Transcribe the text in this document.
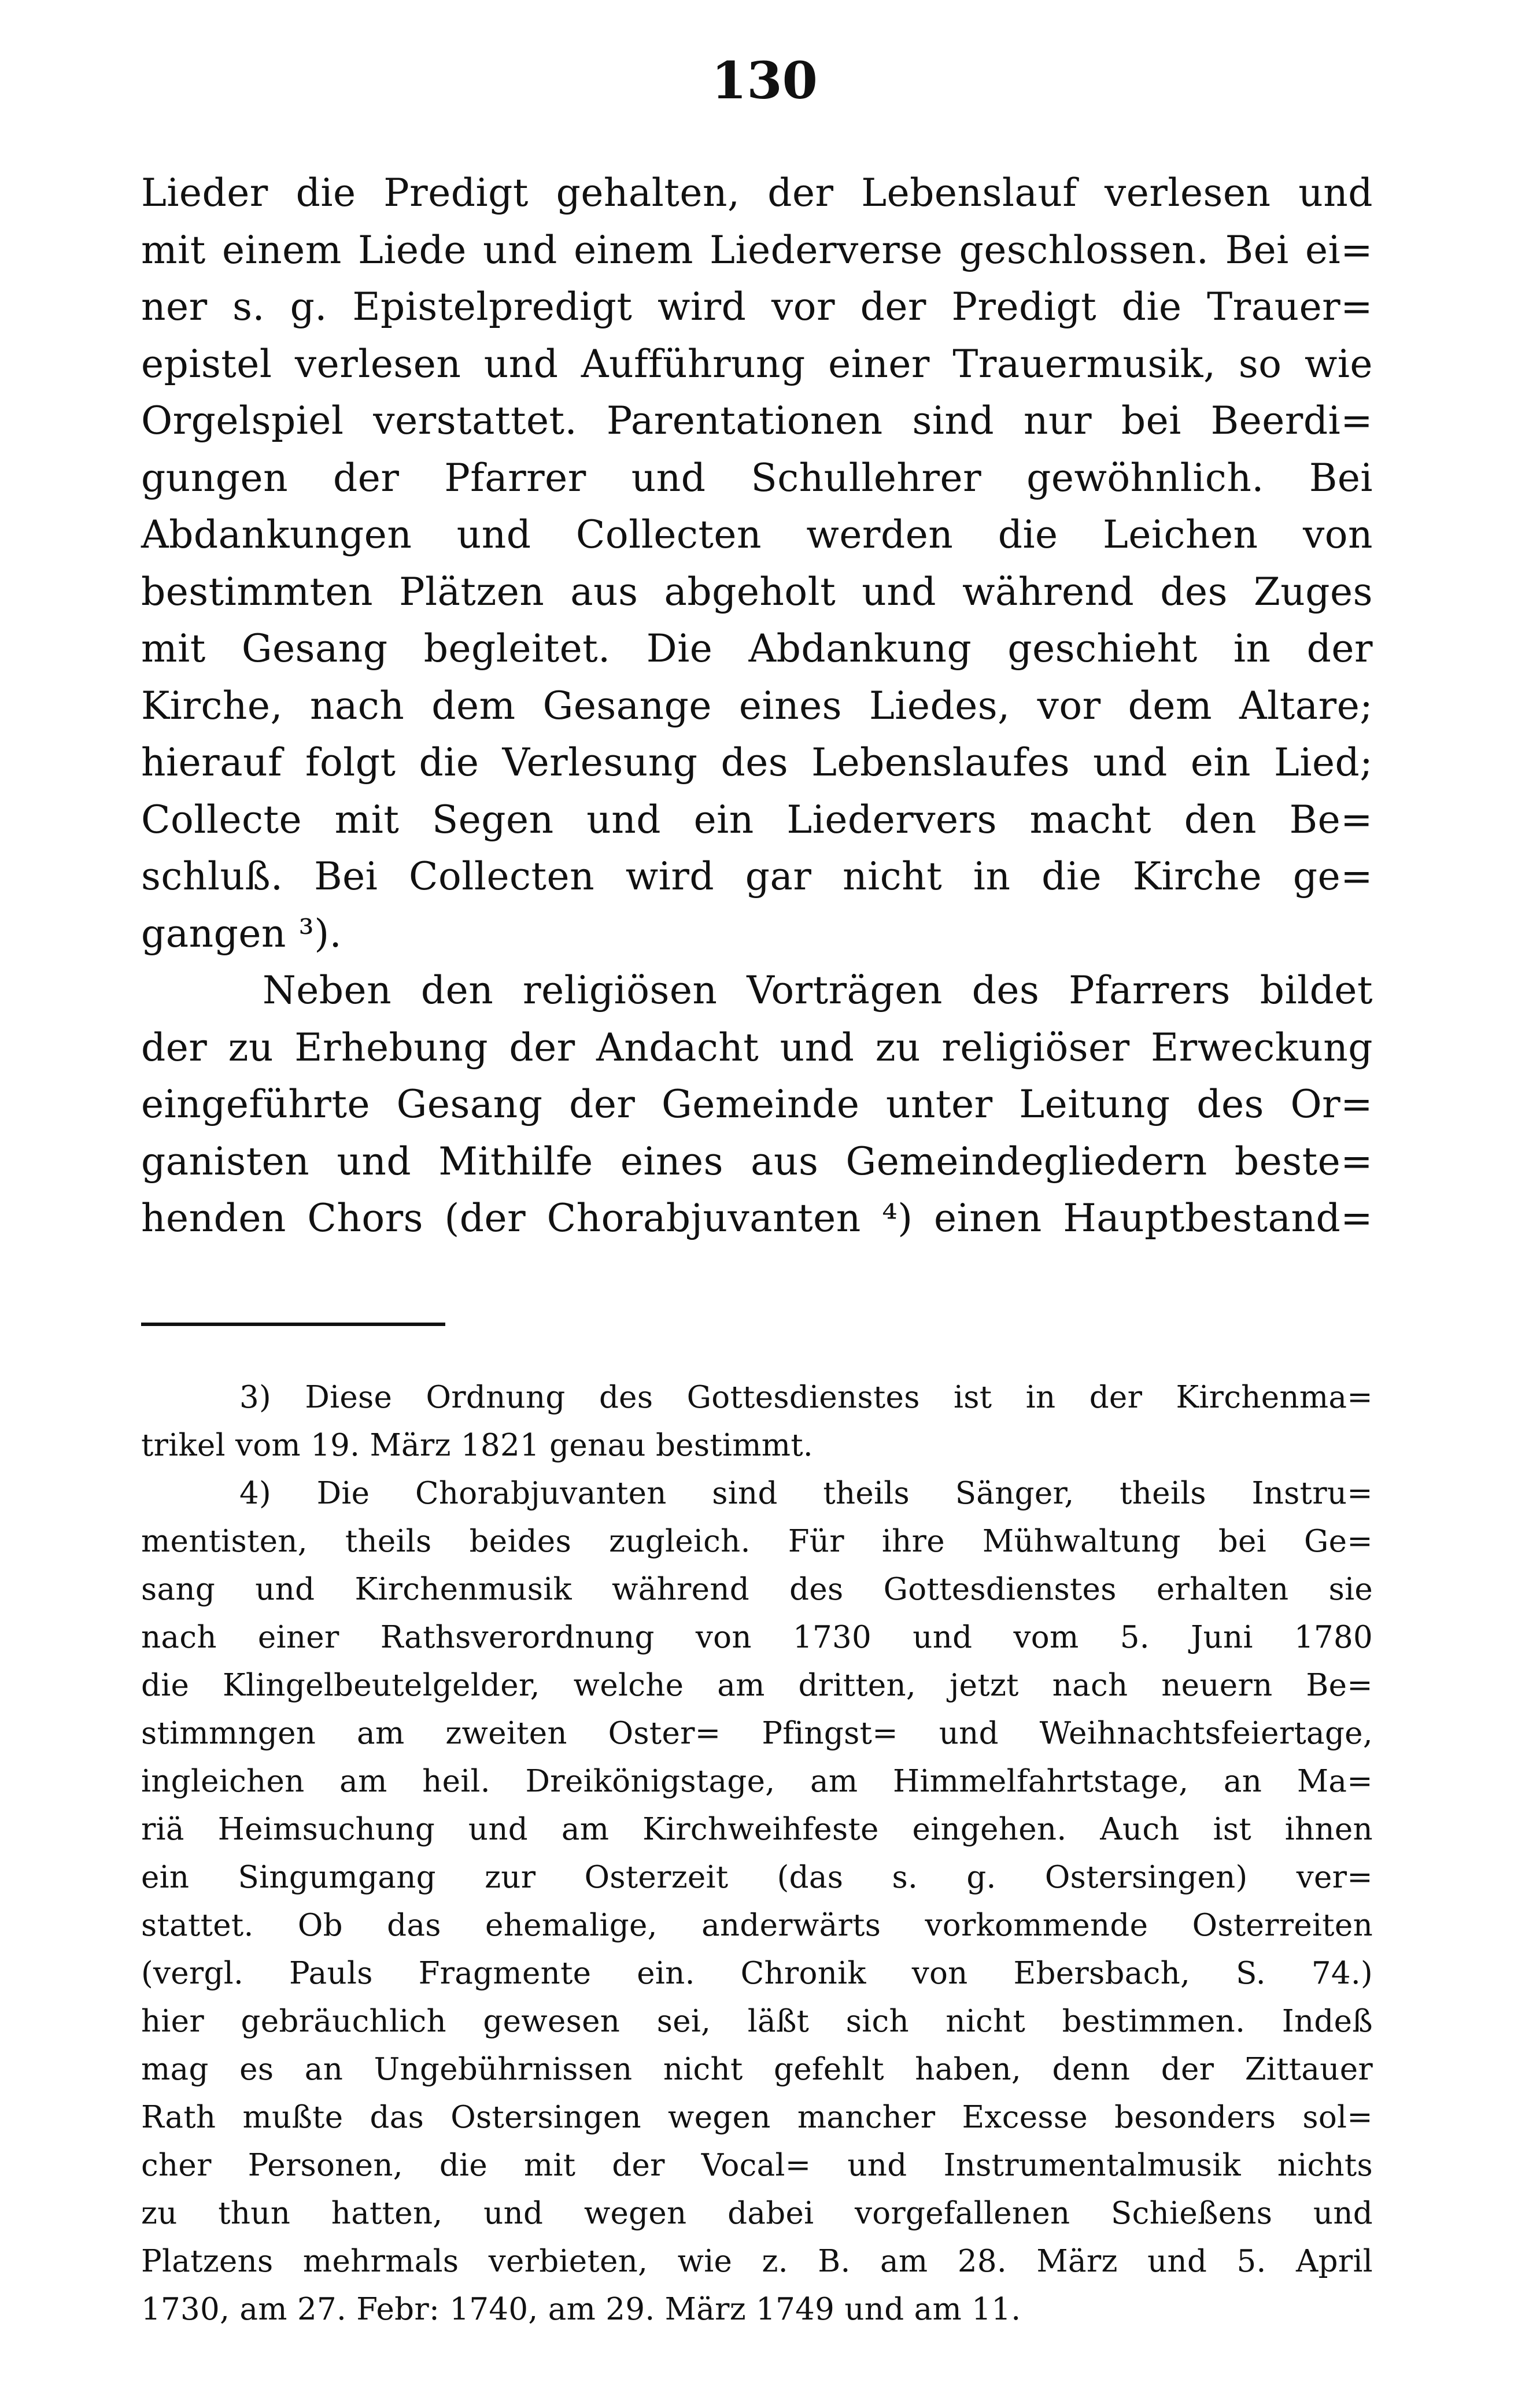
130
Lieder die Predigt gehalten, der Lebenslauf verlesen und
mit einem Liede und einem Liederverse geschlossen. Bei ei=
ner s. g. Epistelpredigt wird vor der Predigt die Trauer=
epistel verlesen und Aufführung einer Trauermusik, so wie
Orgelspiel verstattet. Parentationen sind nur bei Beerdi=
gungen der Pfarrer und Schullehrer gewöhnlich. Bei
Abdankungen und Collecten werden die Leichen von
bestimmten Plätzen aus abgeholt und während des Zuges
mit Gesang begleitet. Die Abdankung geschieht in der
Kirche, nach dem Gesange eines Liedes, vor dem Altare;
hierauf folgt die Verlesung des Lebenslaufes und ein Lied;
Collecte mit Segen und ein Liedervers macht den Be=
schluß. Bei Collecten wird gar nicht in die Kirche ge=
gangen ³).
Neben den religiösen Vorträgen des Pfarrers bildet
der zu Erhebung der Andacht und zu religiöser Erweckung
eingeführte Gesang der Gemeinde unter Leitung des Or=
ganisten und Mithilfe eines aus Gemeindegliedern beste=
henden Chors (der Chorabjuvanten ⁴) einen Hauptbestand=
3) Diese Ordnung des Gottesdienstes ist in der Kirchenma=
trikel vom 19. März 1821 genau bestimmt.
4) Die Chorabjuvanten sind theils Sänger, theils Instru=
mentisten, theils beides zugleich. Für ihre Mühwaltung bei Ge=
sang und Kirchenmusik während des Gottesdienstes erhalten sie
nach einer Rathsverordnung von 1730 und vom 5. Juni 1780
die Klingelbeutelgelder, welche am dritten, jetzt nach neuern Be=
stimmngen am zweiten Oster= Pfingst= und Weihnachtsfeiertage,
ingleichen am heil. Dreikönigstage, am Himmelfahrtstage, an Ma=
riä Heimsuchung und am Kirchweihfeste eingehen. Auch ist ihnen
ein Singumgang zur Osterzeit (das s. g. Ostersingen) ver=
stattet. Ob das ehemalige, anderwärts vorkommende Osterreiten
(vergl. Pauls Fragmente ein. Chronik von Ebersbach, S. 74.)
hier gebräuchlich gewesen sei, läßt sich nicht bestimmen. Indeß
mag es an Ungebührnissen nicht gefehlt haben, denn der Zittauer
Rath mußte das Ostersingen wegen mancher Excesse besonders sol=
cher Personen, die mit der Vocal= und Instrumentalmusik nichts
zu thun hatten, und wegen dabei vorgefallenen Schießens und
Platzens mehrmals verbieten, wie z. B. am 28. März und 5. April
1730, am 27. Febr: 1740, am 29. März 1749 und am 11.
